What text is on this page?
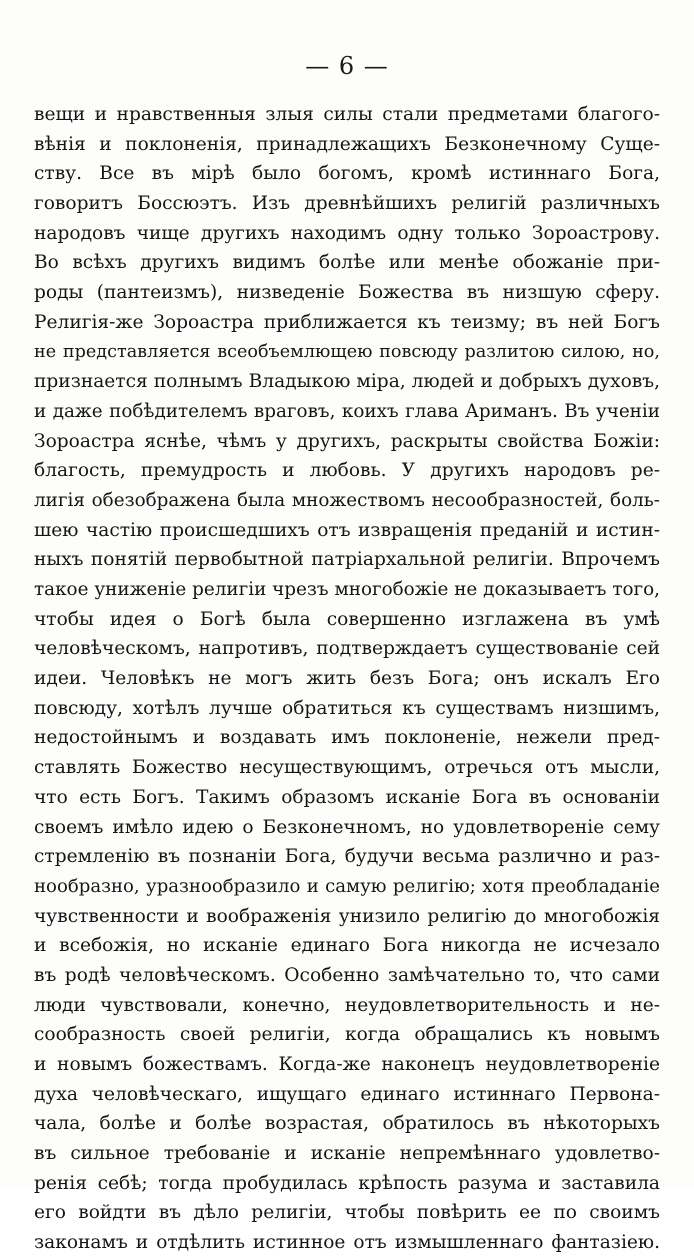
— 6 —
вещи и нравственныя злыя силы стали предметами благого-
вѣнія и поклоненія, принадлежащихъ Безконечному Суще-
ству. Все въ мірѣ было богомъ, кромѣ истиннаго Бога,
говоритъ Боссюэтъ. Изъ древнѣйшихъ религій различныхъ
народовъ чище другихъ находимъ одну только Зороастрову.
Во всѣхъ другихъ видимъ болѣе или менѣе обожаніе при-
роды (пантеизмъ), низведеніе Божества въ низшую сферу.
Религія-же Зороастра приближается къ теизму; въ ней Богъ
не представляется всеобъемлющею повсюду разлитою силою, но,
признается полнымъ Владыкою міра, людей и добрыхъ духовъ,
и даже побѣдителемъ враговъ, коихъ глава Ариманъ. Въ ученіи
Зороастра яснѣе, чѣмъ у другихъ, раскрыты свойства Божіи:
благость, премудрость и любовь. У другихъ народовъ ре-
лигія обезображена была множествомъ несообразностей, боль-
шею частію происшедшихъ отъ извращенія преданій и истин-
ныхъ понятій первобытной патріархальной религіи. Впрочемъ
такое униженіе религіи чрезъ многобожіе не доказываетъ того,
чтобы идея о Богѣ была совершенно изглажена въ умѣ
человѣческомъ, напротивъ, подтверждаетъ существованіе сей
идеи. Человѣкъ не могъ жить безъ Бога; онъ искалъ Его
повсюду, хотѣлъ лучше обратиться къ существамъ низшимъ,
недостойнымъ и воздавать имъ поклоненіе, нежели пред-
ставлять Божество несуществующимъ, отречься отъ мысли,
что есть Богъ. Такимъ образомъ исканіе Бога въ основаніи
своемъ имѣло идею о Безконечномъ, но удовлетвореніе сему
стремленію въ познаніи Бога, будучи весьма различно и раз-
нообразно, уразнообразило и самую религію; хотя преобладаніе
чувственности и воображенія унизило религію до многобожія
и всебожія, но исканіе единаго Бога никогда не исчезало
въ родѣ человѣческомъ. Особенно замѣчательно то, что сами
люди чувствовали, конечно, неудовлетворительность и не-
сообразность своей религіи, когда обращались къ новымъ
и новымъ божествамъ. Когда-же наконецъ неудовлетвореніе
духа человѣческаго, ищущаго единаго истиннаго Первона-
чала, болѣе и болѣе возрастая, обратилось въ нѣкоторыхъ
въ сильное требованіе и исканіе непремѣннаго удовлетво-
ренія себѣ; тогда пробудилась крѣпость разума и заставила
его войдти въ дѣло религіи, чтобы повѣрить ее по своимъ
законамъ и отдѣлить истинное отъ измышленнаго фантазіею.
